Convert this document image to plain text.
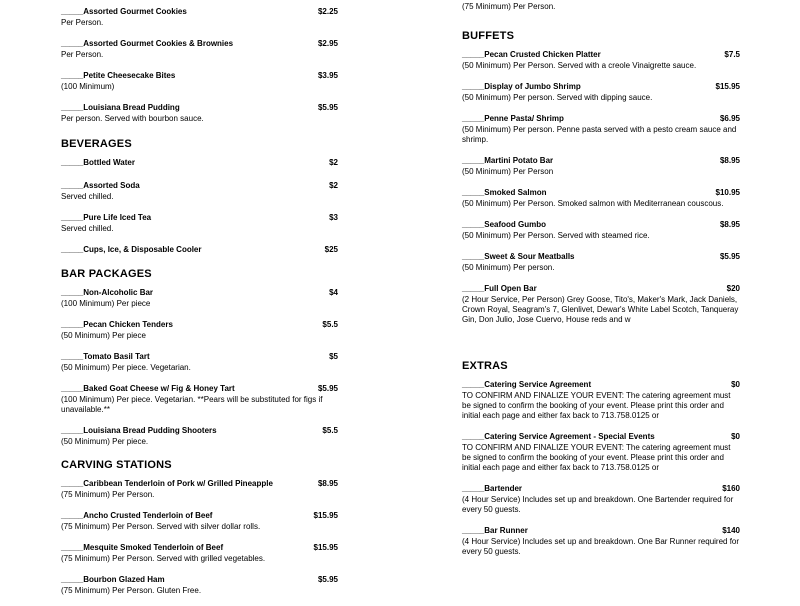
_____Assorted Gourmet Cookies	$2.25
Per Person.
_____Assorted Gourmet Cookies & Brownies	$2.95
Per Person.
_____Petite Cheesecake Bites	$3.95
(100 Minimum)
_____Louisiana Bread Pudding	$5.95
Per person. Served with bourbon sauce.
BEVERAGES
_____Bottled Water	$2
_____Assorted Soda	$2
Served chilled.
_____Pure Life Iced Tea	$3
Served chilled.
_____Cups, Ice, & Disposable Cooler	$25
BAR PACKAGES
_____Non-Alcoholic Bar	$4
(100 Minimum) Per piece
_____Pecan Chicken Tenders	$5.5
(50 Minimum) Per piece
_____Tomato Basil Tart	$5
(50 Minimum) Per piece. Vegetarian.
_____Baked Goat Cheese w/ Fig & Honey Tart	$5.95
(100 Minimum) Per piece. Vegetarian. **Pears will be substituted for figs if unavailable.**
_____Louisiana Bread Pudding Shooters	$5.5
(50 Minimum) Per piece.
CARVING STATIONS
_____Caribbean Tenderloin of Pork w/ Grilled Pineapple	$8.95
(75 Minimum) Per Person.
_____Ancho Crusted Tenderloin of Beef	$15.95
(75 Minimum) Per Person. Served with silver dollar rolls.
_____Mesquite Smoked Tenderloin of Beef	$15.95
(75 Minimum) Per Person. Served with grilled vegetables.
_____Bourbon Glazed Ham	$5.95
(75 Minimum) Per Person. Gluten Free.
(75 Minimum) Per Person.
BUFFETS
_____Pecan Crusted Chicken Platter	$7.5
(50 Minimum) Per Person. Served with a creole Vinaigrette sauce.
_____Display of Jumbo Shrimp	$15.95
(50 Minimum) Per person. Served with dipping sauce.
_____Penne Pasta/ Shrimp	$6.95
(50 Minimum) Per person. Penne pasta served with a pesto cream sauce and shrimp.
_____Martini Potato Bar	$8.95
(50 Minimum) Per Person
_____Smoked Salmon	$10.95
(50 Minimum) Per Person. Smoked salmon with Mediterranean couscous.
_____Seafood Gumbo	$8.95
(50 Minimum) Per Person. Served with steamed rice.
_____Sweet & Sour Meatballs	$5.95
(50 Minimum) Per person.
_____Full Open Bar	$20
(2 Hour Service, Per Person) Grey Goose, Tito's, Maker's Mark, Jack Daniels, Crown Royal, Seagram's 7, Glenlivet, Dewar's White Label Scotch, Tanqueray Gin, Don Julio, Jose Cuervo, House reds and w
EXTRAS
_____Catering Service Agreement	$0
TO CONFIRM AND FINALIZE YOUR EVENT: The catering agreement must be signed to confirm the booking of your event. Please print this order and initial each page and either fax back to 713.758.0125 or
_____Catering Service Agreement - Special Events	$0
TO CONFIRM AND FINALIZE YOUR EVENT: The catering agreement must be signed to confirm the booking of your event. Please print this order and initial each page and either fax back to 713.758.0125 or
_____Bartender	$160
(4 Hour Service) Includes set up and breakdown. One Bartender required for every 50 guests.
_____Bar Runner	$140
(4 Hour Service) Includes set up and breakdown. One Bar Runner required for every 50 guests.
